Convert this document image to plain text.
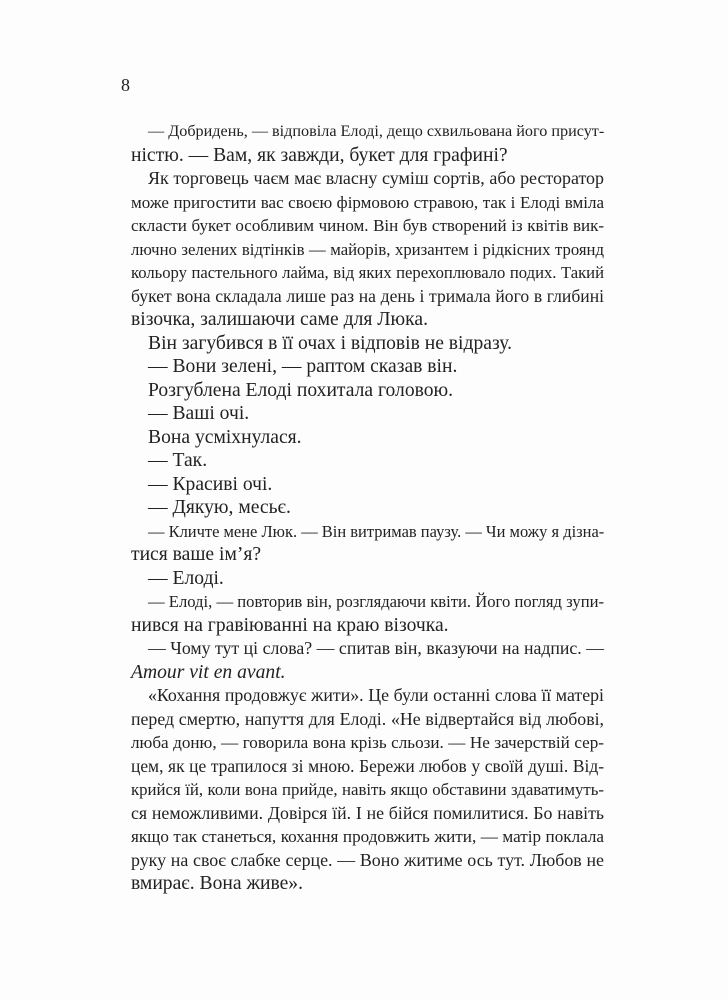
8
— Добридень, — відповіла Елоді, дещо схвильована його присут-
ністю. — Вам, як завжди, букет для графині?
Як торговець чаєм має власну суміш сортів, або ресторатор
може пригостити вас своєю фірмовою стравою, так і Елоді вміла
скласти букет особливим чином. Він був створений із квітів вик-
лючно зелених відтінків — майорів, хризантем і рідкісних троянд
кольору пастельного лайма, від яких перехоплювало подих. Такий
букет вона складала лише раз на день і тримала його в глибині
візочка, залишаючи саме для Люка.
Він загубився в її очах і відповів не відразу.
— Вони зелені, — раптом сказав він.
Розгублена Елоді похитала головою.
— Ваші очі.
Вона усміхнулася.
— Так.
— Красиві очі.
— Дякую, месьє.
— Кличте мене Люк. — Він витримав паузу. — Чи можу я дізна-
тися ваше ім’я?
— Елоді.
— Елоді, — повторив він, розглядаючи квіти. Його погляд зупи-
нився на гравіюванні на краю візочка.
— Чому тут ці слова? — спитав він, вказуючи на надпис. —
Amour vit en avant.
«Кохання продовжує жити». Це були останні слова її матері
перед смертю, напуття для Елоді. «Не відвертайся від любові,
люба доню, — говорила вона крізь сльози. — Не зачерствій сер-
цем, як це трапилося зі мною. Бережи любов у своїй душі. Від-
крийся їй, коли вона прийде, навіть якщо обставини здаватимуть-
ся неможливими. Довірся їй. І не бійся помилитися. Бо навіть
якщо так станеться, кохання продовжить жити, — матір поклала
руку на своє слабке серце. — Воно житиме ось тут. Любов не
вмирає. Вона живе».
